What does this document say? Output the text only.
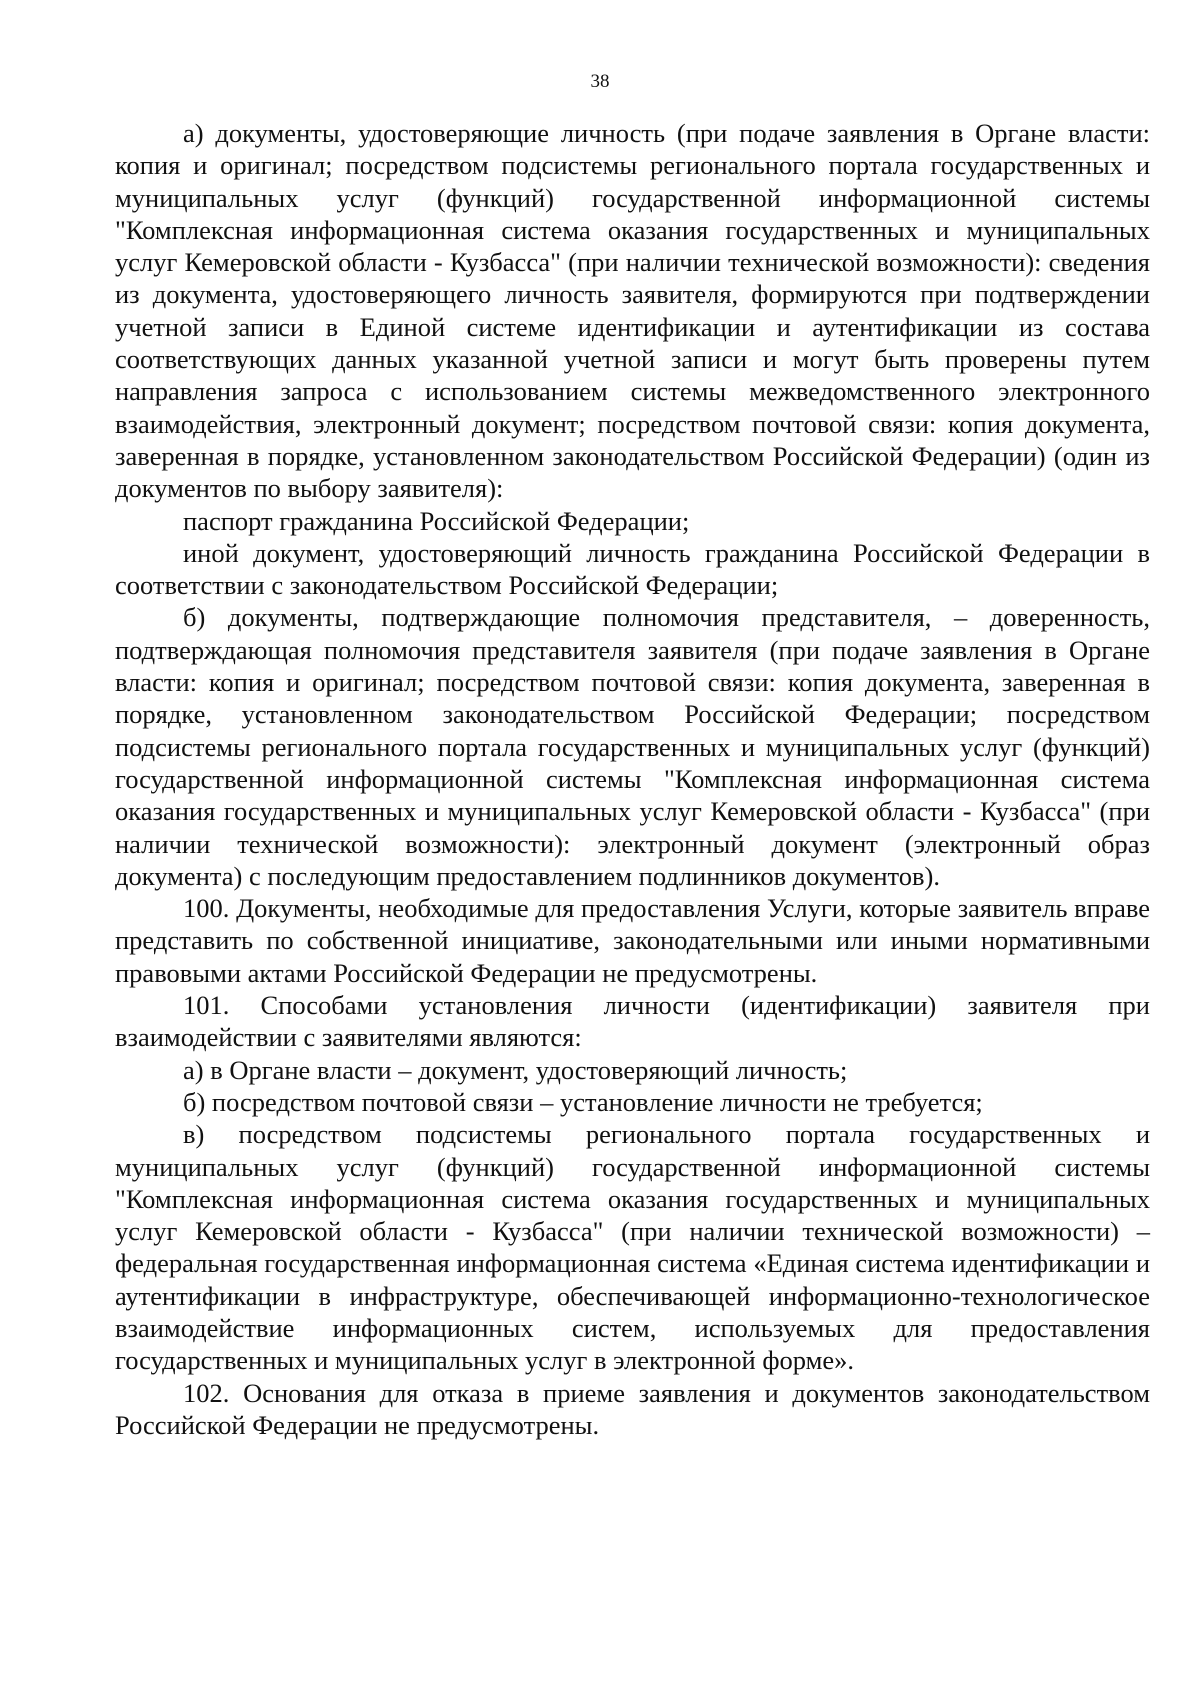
38

а) документы, удостоверяющие личность (при подаче заявления в Органе власти: копия и оригинал; посредством подсистемы регионального портала государственных и муниципальных услуг (функций) государственной информационной системы "Комплексная информационная система оказания государственных и муниципальных услуг Кемеровской области - Кузбасса" (при наличии технической возможности): сведения из документа, удостоверяющего личность заявителя, формируются при подтверждении учетной записи в Единой системе идентификации и аутентификации из состава соответствующих данных указанной учетной записи и могут быть проверены путем направления запроса с использованием системы межведомственного электронного взаимодействия, электронный документ; посредством почтовой связи: копия документа, заверенная в порядке, установленном законодательством Российской Федерации) (один из документов по выбору заявителя):

паспорт гражданина Российской Федерации;

иной документ, удостоверяющий личность гражданина Российской Федерации в соответствии с законодательством Российской Федерации;

б) документы, подтверждающие полномочия представителя, – доверенность, подтверждающая полномочия представителя заявителя (при подаче заявления в Органе власти: копия и оригинал; посредством почтовой связи: копия документа, заверенная в порядке, установленном законодательством Российской Федерации; посредством подсистемы регионального портала государственных и муниципальных услуг (функций) государственной информационной системы "Комплексная информационная система оказания государственных и муниципальных услуг Кемеровской области - Кузбасса" (при наличии технической возможности): электронный документ (электронный образ документа) с последующим предоставлением подлинников документов).

100. Документы, необходимые для предоставления Услуги, которые заявитель вправе представить по собственной инициативе, законодательными или иными нормативными правовыми актами Российской Федерации не предусмотрены.

101. Способами установления личности (идентификации) заявителя при взаимодействии с заявителями являются:

а) в Органе власти – документ, удостоверяющий личность;

б) посредством почтовой связи – установление личности не требуется;

в) посредством подсистемы регионального портала государственных и муниципальных услуг (функций) государственной информационной системы "Комплексная информационная система оказания государственных и муниципальных услуг Кемеровской области - Кузбасса" (при наличии технической возможности) – федеральная государственная информационная система «Единая система идентификации и аутентификации в инфраструктуре, обеспечивающей информационно-технологическое взаимодействие информационных систем, используемых для предоставления государственных и муниципальных услуг в электронной форме».

102. Основания для отказа в приеме заявления и документов законодательством Российской Федерации не предусмотрены.
